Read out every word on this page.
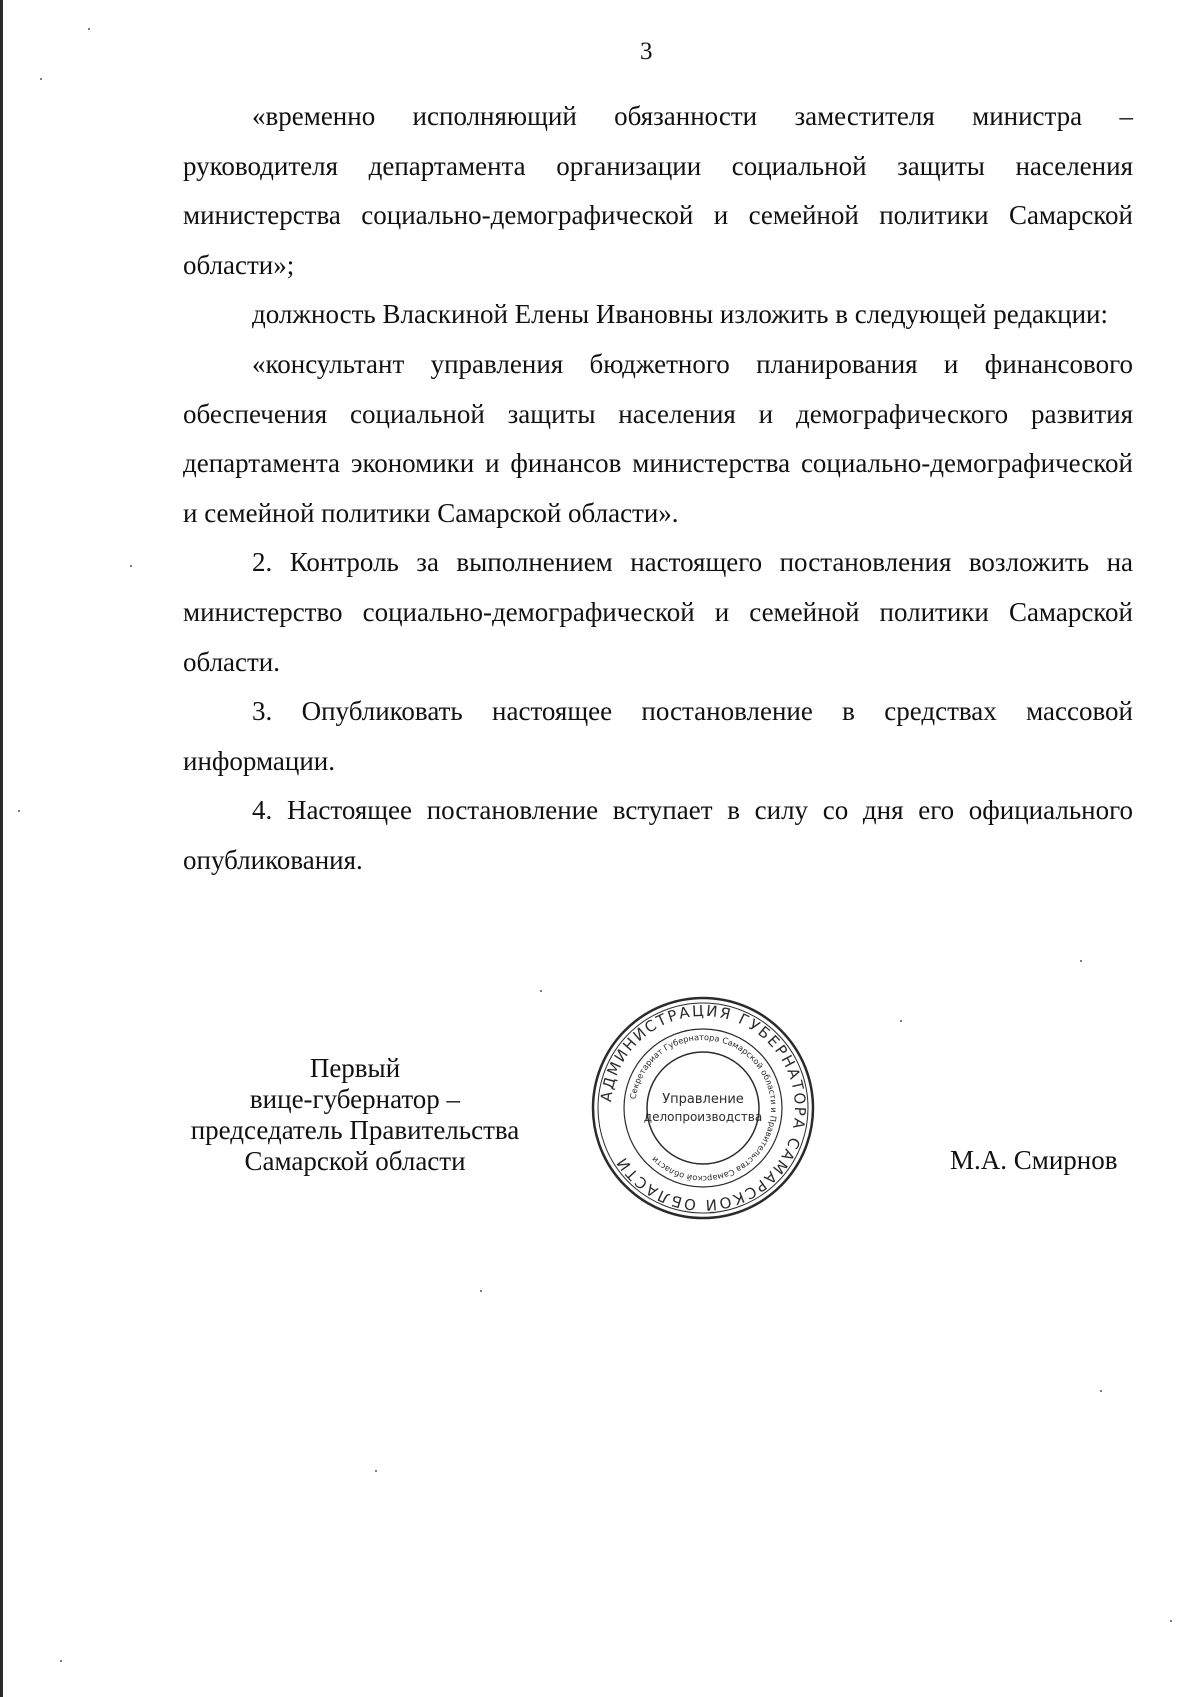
3

«временно исполняющий обязанности заместителя министра – руководителя департамента организации социальной защиты населения министерства социально-демографической и семейной политики Самарской области»;

должность Власкиной Елены Ивановны изложить в следующей редакции:

«консультант управления бюджетного планирования и финансового обеспечения социальной защиты населения и демографического развития департамента экономики и финансов министерства социально-демографической и семейной политики Самарской области».

2. Контроль за выполнением настоящего постановления возложить на министерство социально-демографической и семейной политики Самарской области.

3. Опубликовать настоящее постановление в средствах массовой информации.

4. Настоящее постановление вступает в силу со дня его официального опубликования.

Первый
вице-губернатор –
председатель Правительства
Самарской области
АДМИНИСТРАЦИЯ ГУБЕРНАТОРА САМАРСКОЙ ОБЛАСТИ
Секретариат Губернатора Самарской области и Правительства Самарской области
Управление
делопроизводства
М.А. Смирнов
